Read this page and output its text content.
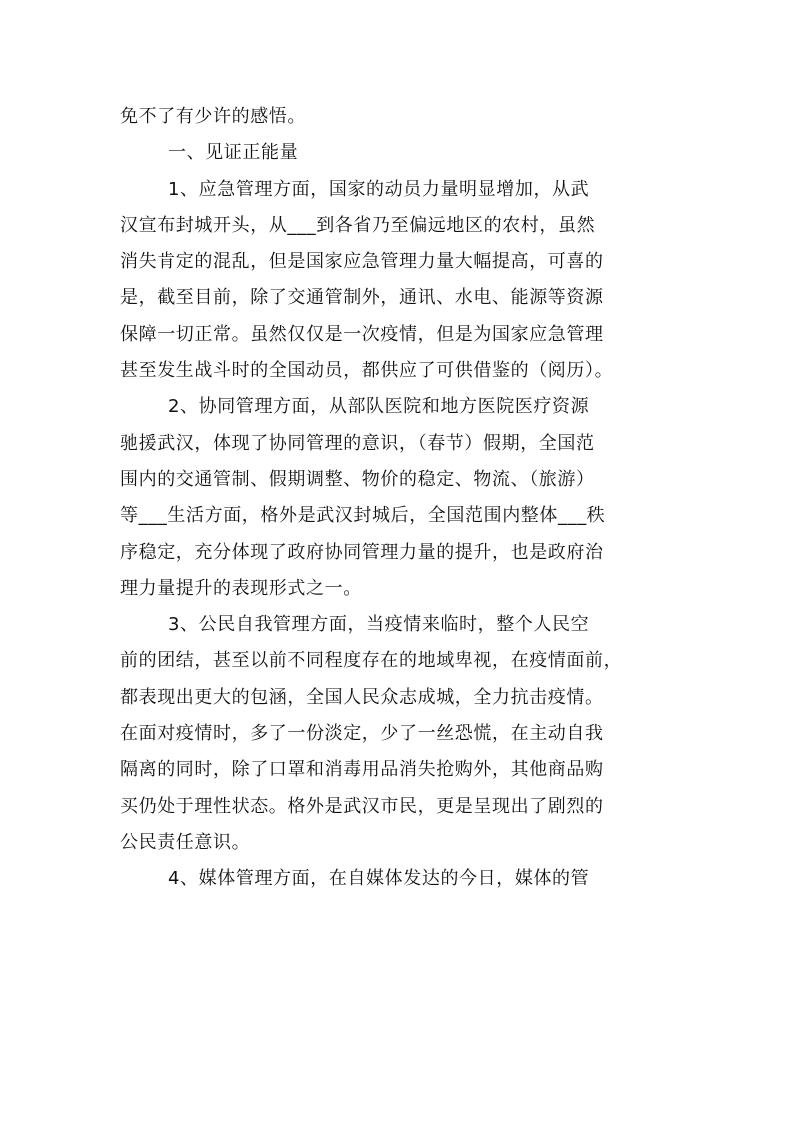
免不了有少许的感悟。
一、见证正能量
1、应急管理方面，国家的动员力量明显增加，从武
汉宣布封城开头，从___到各省乃至偏远地区的农村，虽然
消失肯定的混乱，但是国家应急管理力量大幅提高，可喜的
是，截至目前，除了交通管制外，通讯、水电、能源等资源
保障一切正常。虽然仅仅是一次疫情，但是为国家应急管理
甚至发生战斗时的全国动员，都供应了可供借鉴的（阅历）。
2、协同管理方面，从部队医院和地方医院医疗资源
驰援武汉，体现了协同管理的意识，（春节）假期，全国范
围内的交通管制、假期调整、物价的稳定、物流、（旅游）
等___生活方面，格外是武汉封城后，全国范围内整体___秩
序稳定，充分体现了政府协同管理力量的提升，也是政府治
理力量提升的表现形式之一。
3、公民自我管理方面，当疫情来临时，整个人民空
前的团结，甚至以前不同程度存在的地域卑视，在疫情面前，
都表现出更大的包涵，全国人民众志成城，全力抗击疫情。
在面对疫情时，多了一份淡定，少了一丝恐慌，在主动自我
隔离的同时，除了口罩和消毒用品消失抢购外，其他商品购
买仍处于理性状态。格外是武汉市民，更是呈现出了剧烈的
公民责任意识。
4、媒体管理方面，在自媒体发达的今日，媒体的管
